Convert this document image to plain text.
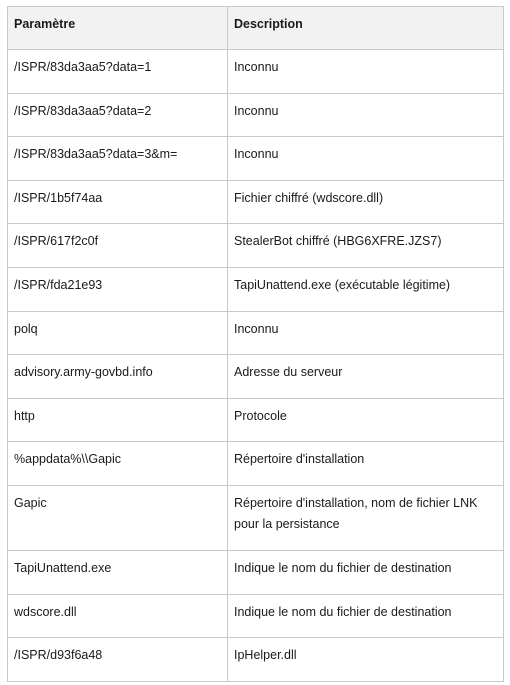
Paramètre	Description
/ISPR/83da3aa5?data=1	Inconnu
/ISPR/83da3aa5?data=2	Inconnu
/ISPR/83da3aa5?data=3&m=	Inconnu
/ISPR/1b5f74aa	Fichier chiffré (wdscore.dll)
/ISPR/617f2c0f	StealerBot chiffré (HBG6XFRE.JZS7)
/ISPR/fda21e93	TapiUnattend.exe (exécutable légitime)
polq	Inconnu
advisory.army-govbd.info	Adresse du serveur
http	Protocole
%appdata%\\Gapic	Répertoire d'installation
Gapic	Répertoire d'installation, nom de fichier LNK pour la persistance
TapiUnattend.exe	Indique le nom du fichier de destination
wdscore.dll	Indique le nom du fichier de destination
/ISPR/d93f6a48	IpHelper.dll
